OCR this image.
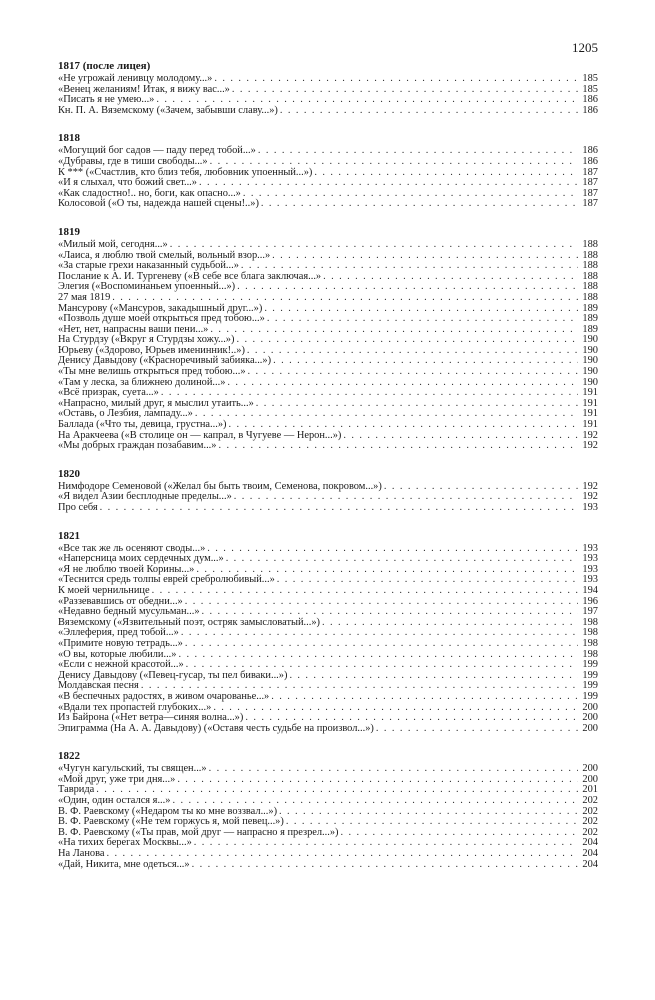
1205
1817 (после лицея)
«Не угрожай ленивцу молодому...» . . .	185
«Венец желаниям! Итак, я вижу вас...» . . .	185
«Писать я не умею...» . . .	186
Кн. П. А. Вяземскому («Зачем, забывши славу...») . . .	186
1818
«Могущий бог садов — паду перед тобой...» . . .	186
«Дубравы, где в тиши свободы...» . . .	186
К *** («Счастлив, кто близ тебя, любовник упоенный...») . . .	187
«И я слыхал, что божий свет...» . . .	187
«Как сладостно!.. но, боги, как опасно...» . . .	187
Колосовой («О ты, надежда нашей сцены!..») . . .	187
1819
«Милый мой, сегодня...» . . .	188
«Лаиса, я люблю твой смелый, вольный взор...» . . .	188
«За старые грехи наказанный судьбой...» . . .	188
Послание к А. И. Тургеневу («В себе все блага заключая...» . . .	188
Элегия («Воспоминаньем упоенный...») . . .	188
27 мая 1819 . . .	188
Мансурову («Мансуров, закадышный друг...») . . .	189
«Позволь душе моей открыться пред тобою...» . . .	189
«Нет, нет, напрасны ваши пени...» . . .	189
На Стурдзу («Вкруг я Стурдзы хожу...») . . .	190
Юрьеву («Здорово, Юрьев именинник!..») . . .	190
Денису Давыдову («Красноречивый забияка...») . . .	190
«Ты мне велишь открыться пред тобою...» . . .	190
«Там у леска, за ближнею долиной...» . . .	190
«Всё призрак, суета...» . . .	191
«Напрасно, милый друг, я мыслил утаить...» . . .	191
«Оставь, о Лезбия, лампаду...» . . .	191
Баллада («Что ты, девица, грустна...») . . .	191
На Аракчеева («В столице он — капрал, в Чугуеве — Нерон...») . . .	192
«Мы добрых граждан позабавим...» . . .	192
1820
Нимфодоре Семеновой («Желал бы быть твоим, Семенова, покровом...») . . .	192
«Я видел Азии бесплодные пределы...» . . .	192
Про себя . . .	193
1821
«Все так же ль осеняют своды...» . . .	193
«Наперсница моих сердечных дум...» . . .	193
«Я не люблю твоей Корины...» . . .	193
«Теснится средь толпы еврей сребролюбивый...» . . .	193
К моей чернильнице . . .	194
«Раззевавшись от обедни...» . . .	196
«Недавно бедный мусульман...» . . .	197
Вяземскому («Язвительный поэт, остряк замысловатый...») . . .	198
«Эллеферия, пред тобой...» . . .	198
«Примите новую тетрадь...» . . .	198
«О вы, которые любили...» . . .	198
«Если с нежной красотой...» . . .	199
Денису Давыдову («Певец-гусар, ты пел биваки...») . . .	199
Молдавская песня . . .	199
«В беспечных радостях, в живом очарованье...» . . .	199
«Вдали тех пропастей глубоких...» . . .	200
Из Байрона («Нет ветра—синяя волна...») . . .	200
Эпиграмма (На А. А. Давыдову) («Оставя честь судьбе на произвол...») . . .	200
1822
«Чугун кагульский, ты священ...» . . .	200
«Мой друг, уже три дня...» . . .	200
Таврида . . .	201
«Один, один остался я...» . . .	202
В. Ф. Раевскому («Недаром ты ко мне воззвал...») . . .	202
В. Ф. Раевскому («Не тем горжусь я, мой певец...») . . .	202
В. Ф. Раевскому («Ты прав, мой друг — напрасно я презрел...») . . .	202
«На тихих берегах Москвы...» . . .	204
На Ланова . . .	204
«Дай, Никита, мне одеться...» . . .	204
